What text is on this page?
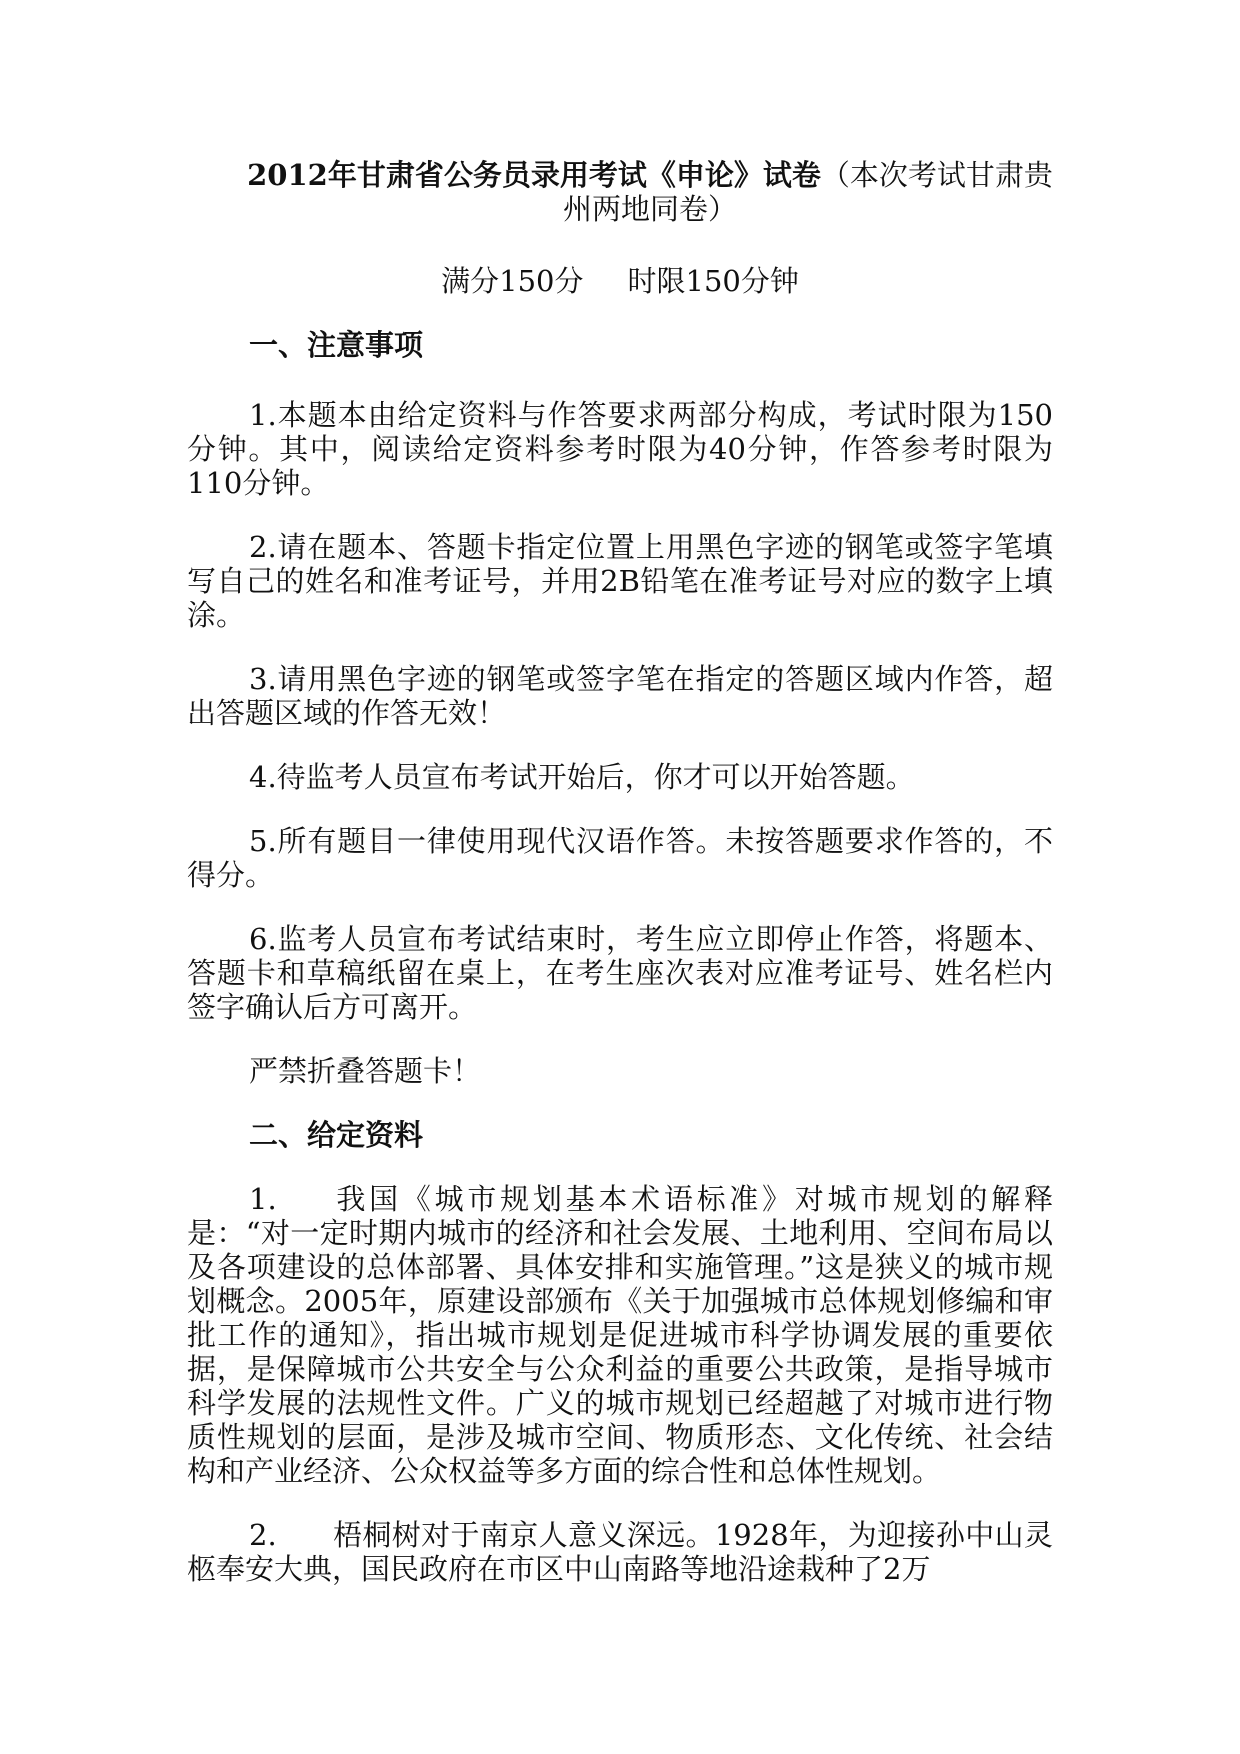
2012年甘肃省公务员录用考试《申论》试卷（本次考试甘肃贵州两地同卷）
满分150分 时限150分钟
一、注意事项

1.本题本由给定资料与作答要求两部分构成，考试时限为150分钟。其中，阅读给定资料参考时限为40分钟，作答参考时限为110分钟。

2.请在题本、答题卡指定位置上用黑色字迹的钢笔或签字笔填写自己的姓名和准考证号，并用2B铅笔在准考证号对应的数字上填涂。

3.请用黑色字迹的钢笔或签字笔在指定的答题区域内作答，超出答题区域的作答无效！

4.待监考人员宣布考试开始后，你才可以开始答题。

5.所有题目一律使用现代汉语作答。未按答题要求作答的，不得分。

6.监考人员宣布考试结束时，考生应立即停止作答，将题本、答题卡和草稿纸留在桌上，在考生座次表对应准考证号、姓名栏内签字确认后方可离开。

严禁折叠答题卡！

二、给定资料

1. 我国《城市规划基本术语标准》对城市规划的解释是：“对一定时期内城市的经济和社会发展、土地利用、空间布局以及各项建设的总体部署、具体安排和实施管理。”这是狭义的城市规划概念。2005年，原建设部颁布《关于加强城市总体规划修编和审批工作的通知》，指出城市规划是促进城市科学协调发展的重要依据，是保障城市公共安全与公众利益的重要公共政策，是指导城市科学发展的法规性文件。广义的城市规划已经超越了对城市进行物质性规划的层面，是涉及城市空间、物质形态、文化传统、社会结构和产业经济、公众权益等多方面的综合性和总体性规划。

2. 梧桐树对于南京人意义深远。1928年，为迎接孙中山灵柩奉安大典，国民政府在市区中山南路等地沿途栽种了2万
